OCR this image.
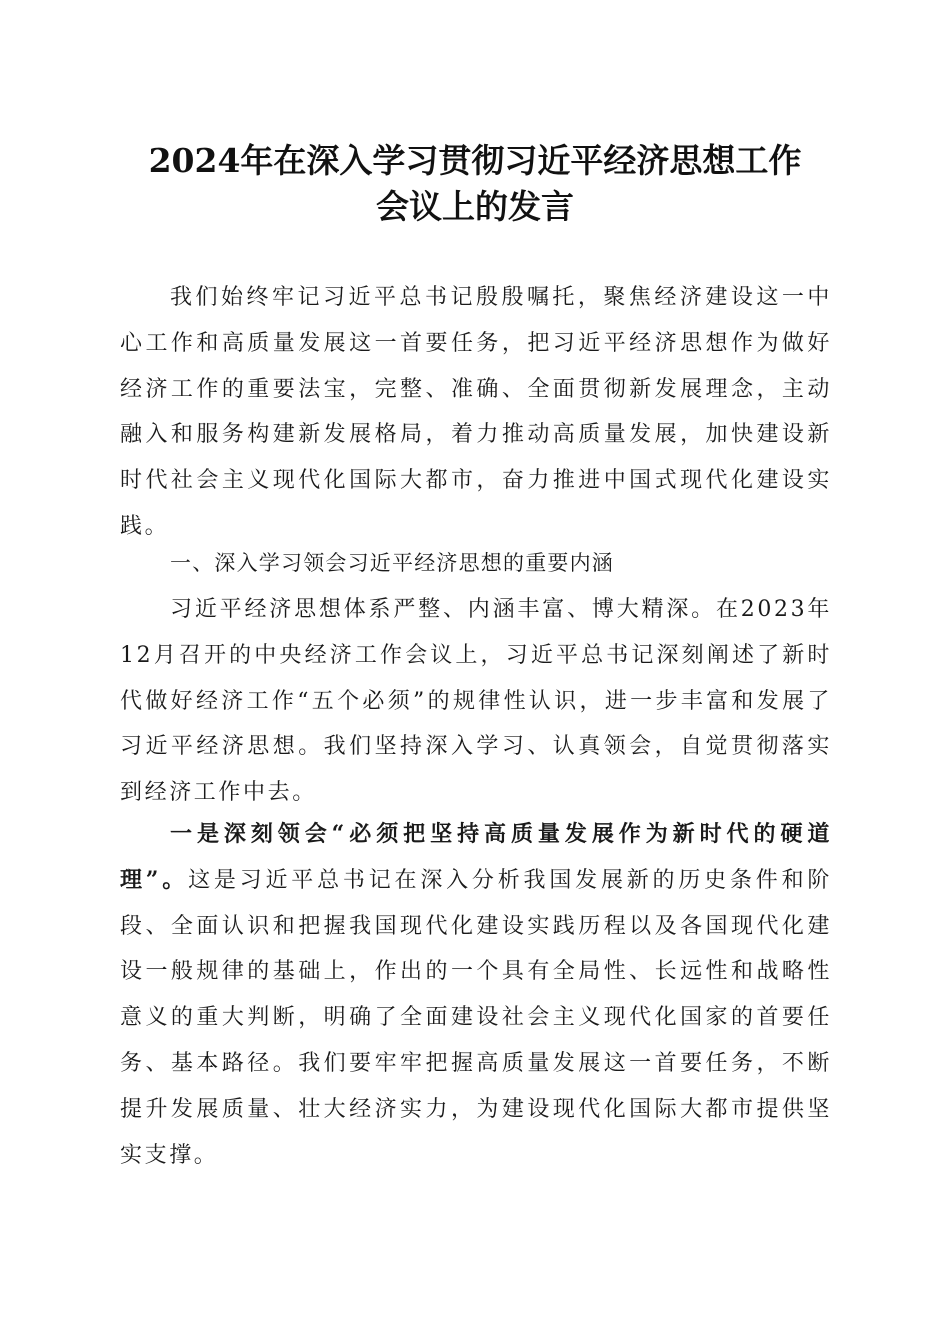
2024年在深入学习贯彻习近平经济思想工作
会议上的发言

我们始终牢记习近平总书记殷殷嘱托，聚焦经济建设这一中心工作和高质量发展这一首要任务，把习近平经济思想作为做好经济工作的重要法宝，完整、准确、全面贯彻新发展理念，主动融入和服务构建新发展格局，着力推动高质量发展，加快建设新时代社会主义现代化国际大都市，奋力推进中国式现代化建设实践。

一、深入学习领会习近平经济思想的重要内涵

习近平经济思想体系严整、内涵丰富、博大精深。在2023年12月召开的中央经济工作会议上，习近平总书记深刻阐述了新时代做好经济工作“五个必须”的规律性认识，进一步丰富和发展了习近平经济思想。我们坚持深入学习、认真领会，自觉贯彻落实到经济工作中去。

一是深刻领会“必须把坚持高质量发展作为新时代的硬道理”。这是习近平总书记在深入分析我国发展新的历史条件和阶段、全面认识和把握我国现代化建设实践历程以及各国现代化建设一般规律的基础上，作出的一个具有全局性、长远性和战略性意义的重大判断，明确了全面建设社会主义现代化国家的首要任务、基本路径。我们要牢牢把握高质量发展这一首要任务，不断提升发展质量、壮大经济实力，为建设现代化国际大都市提供坚实支撑。
